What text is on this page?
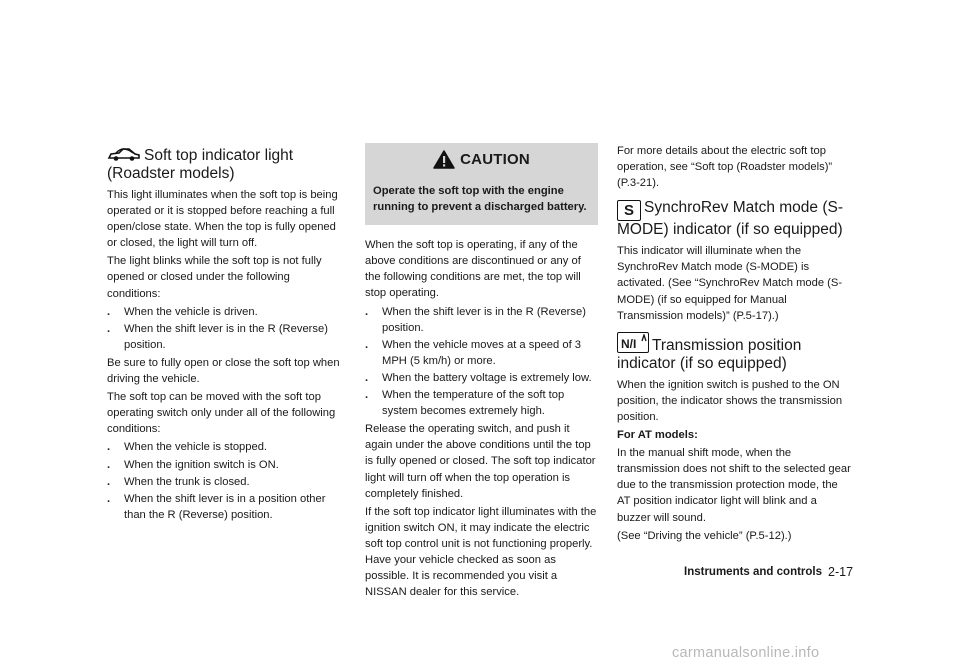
Soft top indicator light (Roadster models)

This light illuminates when the soft top is being operated or it is stopped before reaching a full open/close state. When the top is fully opened or closed, the light will turn off.

The light blinks while the soft top is not fully opened or closed under the following conditions:

. When the vehicle is driven.
. When the shift lever is in the R (Reverse) position.

Be sure to fully open or close the soft top when driving the vehicle.

The soft top can be moved with the soft top operating switch only under all of the following conditions:

. When the vehicle is stopped.
. When the ignition switch is ON.
. When the trunk is closed.
. When the shift lever is in a position other than the R (Reverse) position.
CAUTION
Operate the soft top with the engine running to prevent a discharged battery.

When the soft top is operating, if any of the above conditions are discontinued or any of the following conditions are met, the top will stop operating.

. When the shift lever is in the R (Reverse) position.
. When the vehicle moves at a speed of 3 MPH (5 km/h) or more.
. When the battery voltage is extremely low.
. When the temperature of the soft top system becomes extremely high.

Release the operating switch, and push it again under the above conditions until the top is fully opened or closed. The soft top indicator light will turn off when the top operation is completely finished.

If the soft top indicator light illuminates with the ignition switch ON, it may indicate the electric soft top control unit is not functioning properly. Have your vehicle checked as soon as possible. It is recommended you visit a NISSAN dealer for this service.

For more details about the electric soft top operation, see “Soft top (Roadster models)” (P.3-21).

S SynchroRev Match mode (S-MODE) indicator (if so equipped)

This indicator will illuminate when the SynchroRev Match mode (S-MODE) is activated. (See “SynchroRev Match mode (S-MODE) (if so equipped for Manual Transmission models)” (P.5-17).)

N/I Transmission position indicator (if so equipped)

When the ignition switch is pushed to the ON position, the indicator shows the transmission position.

For AT models:

In the manual shift mode, when the transmission does not shift to the selected gear due to the transmission protection mode, the AT position indicator light will blink and a buzzer will sound.

(See “Driving the vehicle” (P.5-12).)

Instruments and controls 2-17
carmanualsonline.info
